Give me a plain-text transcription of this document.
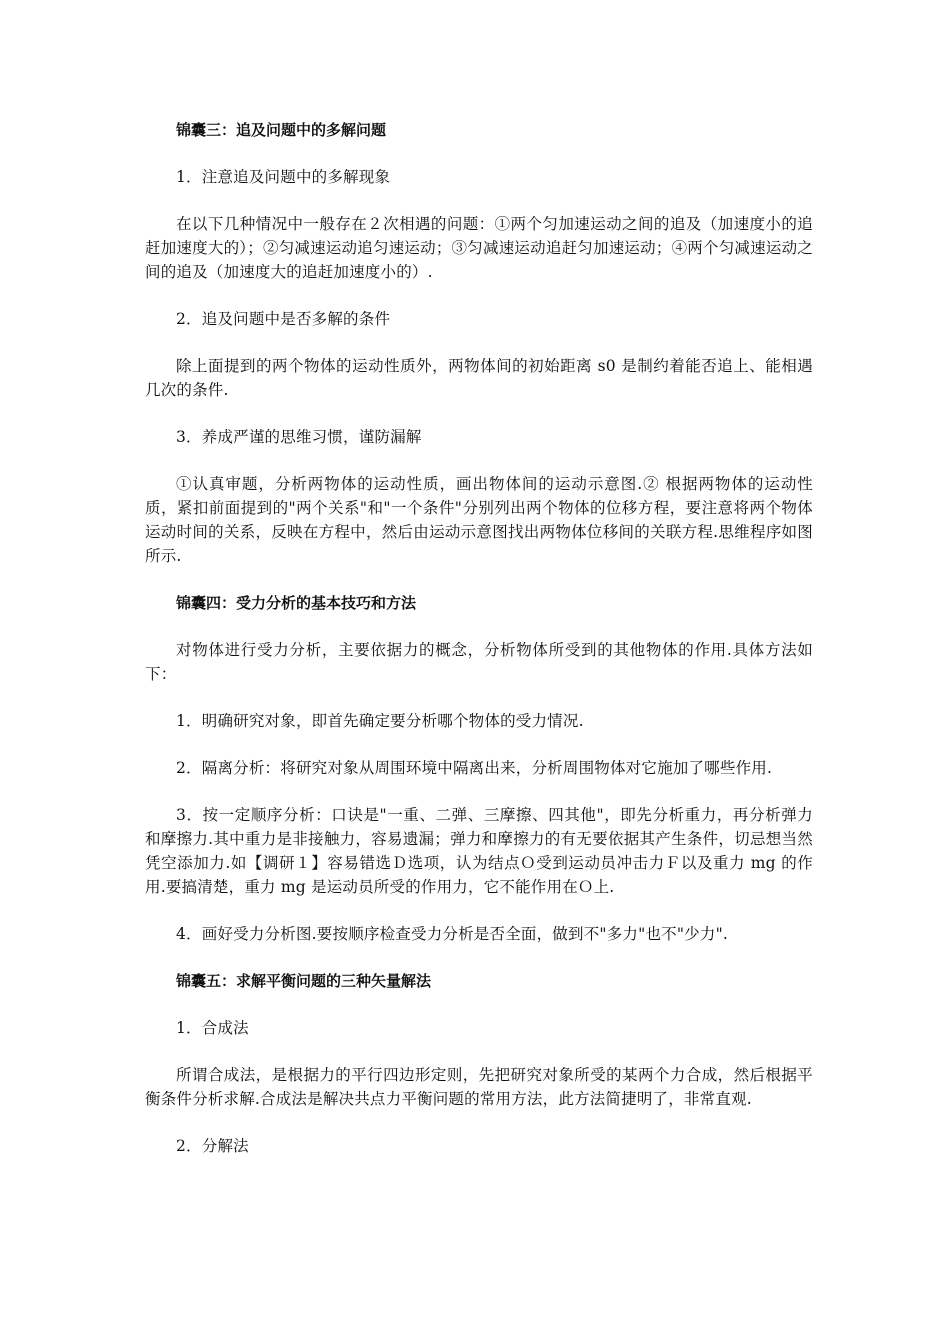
锦囊三：追及问题中的多解问题
1．注意追及问题中的多解现象
在以下几种情况中一般存在２次相遇的问题：①两个匀加速运动之间的追及（加速度小的追赶加速度大的）；②匀减速运动追匀速运动；③匀减速运动追赶匀加速运动；④两个匀减速运动之间的追及（加速度大的追赶加速度小的）.
2．追及问题中是否多解的条件
除上面提到的两个物体的运动性质外，两物体间的初始距离 s0 是制约着能否追上、能相遇几次的条件.
3．养成严谨的思维习惯，谨防漏解
①认真审题，分析两物体的运动性质，画出物体间的运动示意图.② 根据两物体的运动性质，紧扣前面提到的"两个关系"和"一个条件"分别列出两个物体的位移方程，要注意将两个物体运动时间的关系，反映在方程中，然后由运动示意图找出两物体位移间的关联方程.思维程序如图所示.
锦囊四：受力分析的基本技巧和方法
对物体进行受力分析，主要依据力的概念，分析物体所受到的其他物体的作用.具体方法如下：
1．明确研究对象，即首先确定要分析哪个物体的受力情况.
2．隔离分析：将研究对象从周围环境中隔离出来，分析周围物体对它施加了哪些作用.
3．按一定顺序分析：口诀是"一重、二弹、三摩擦、四其他"，即先分析重力，再分析弹力和摩擦力.其中重力是非接触力，容易遗漏；弹力和摩擦力的有无要依据其产生条件，切忌想当然凭空添加力.如【调研１】容易错选Ｄ选项，认为结点Ｏ受到运动员冲击力Ｆ以及重力 mg 的作用.要搞清楚，重力 mg 是运动员所受的作用力，它不能作用在Ｏ上.
4．画好受力分析图.要按顺序检查受力分析是否全面，做到不"多力"也不"少力".
锦囊五：求解平衡问题的三种矢量解法
1．合成法
所谓合成法，是根据力的平行四边形定则，先把研究对象所受的某两个力合成，然后根据平衡条件分析求解.合成法是解决共点力平衡问题的常用方法，此方法简捷明了，非常直观.
2．分解法
